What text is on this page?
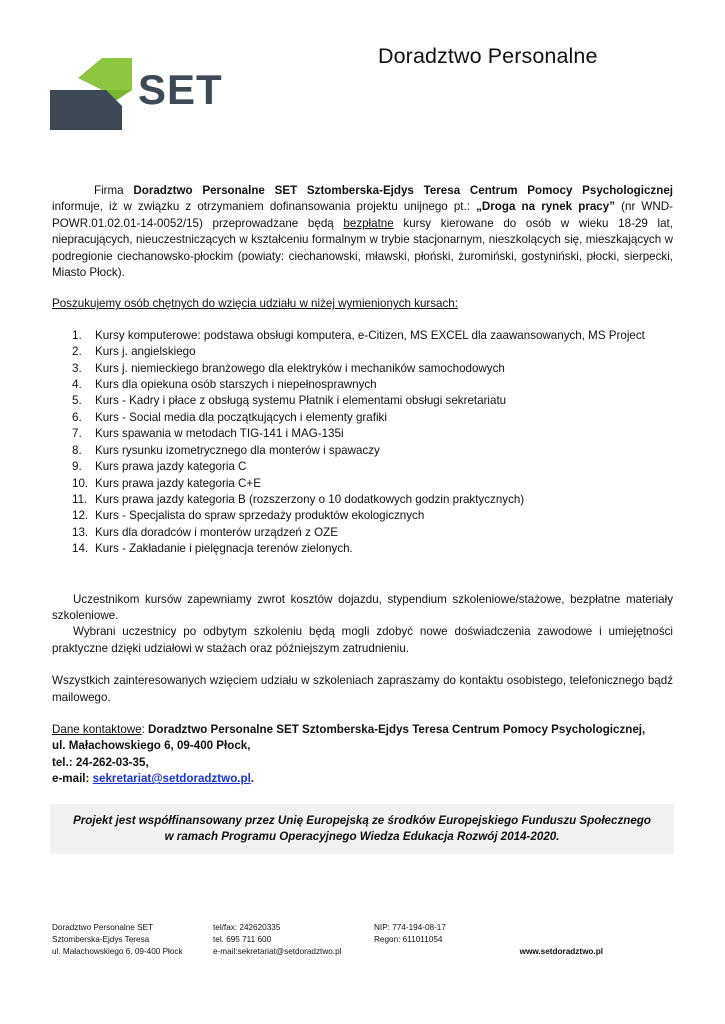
SET
Doradztwo Personalne

Firma Doradztwo Personalne SET Sztomberska-Ejdys Teresa Centrum Pomocy Psychologicznej informuje, iż w związku z otrzymaniem dofinansowania projektu unijnego pt.: „Droga na rynek pracy” (nr WND-POWR.01.02.01-14-0052/15) przeprowadzane będą bezpłatne kursy kierowane do osób w wieku 18-29 lat, niepracujących, nieuczestniczących w kształceniu formalnym w trybie stacjonarnym, nieszkolących się, mieszkających w podregionie ciechanowsko-płockim (powiaty: ciechanowski, mławski, płoński, żuromiński, gostyniński, płocki, sierpecki, Miasto Płock).

Poszukujemy osób chętnych do wzięcia udziału w niżej wymienionych kursach:

1. Kursy komputerowe: podstawa obsługi komputera, e-Citizen, MS EXCEL dla zaawansowanych, MS Project
2. Kurs j. angielskiego
3. Kurs j. niemieckiego branżowego dla elektryków i mechaników samochodowych
4. Kurs dla opiekuna osób starszych i niepełnosprawnych
5. Kurs - Kadry i płace z obsługą systemu Płatnik i elementami obsługi sekretariatu
6. Kurs - Social media dla początkujących i elementy grafiki
7. Kurs spawania w metodach TIG-141 i MAG-135i
8. Kurs rysunku izometrycznego dla monterów i spawaczy
9. Kurs prawa jazdy kategoria C
10. Kurs prawa jazdy kategoria C+E
11. Kurs prawa jazdy kategoria B (rozszerzony o 10 dodatkowych godzin praktycznych)
12. Kurs - Specjalista do spraw sprzedaży produktów ekologicznych
13. Kurs dla doradców i monterów urządzeń z OZE
14. Kurs - Zakładanie i pielęgnacja terenów zielonych.

Uczestnikom kursów zapewniamy zwrot kosztów dojazdu, stypendium szkoleniowe/stażowe, bezpłatne materiały szkoleniowe.

Wybrani uczestnicy po odbytym szkoleniu będą mogli zdobyć nowe doświadczenia zawodowe i umiejętności praktyczne dzięki udziałowi w stażach oraz późniejszym zatrudnieniu.

Wszystkich zainteresowanych wzięciem udziału w szkoleniach zapraszamy do kontaktu osobistego, telefonicznego bądź mailowego.

Dane kontaktowe: Doradztwo Personalne SET Sztomberska-Ejdys Teresa Centrum Pomocy Psychologicznej,
ul. Małachowskiego 6, 09-400 Płock,
tel.: 24-262-03-35,
e-mail: sekretariat@setdoradztwo.pl.
Projekt jest współfinansowany przez Unię Europejską ze środków Europejskiego Funduszu Społecznego
w ramach Programu Operacyjnego Wiedza Edukacja Rozwój 2014-2020.
Doradztwo Personalne SET
Sztomberska-Ejdys Teresa
ul. Małachowskiego 6, 09-400 Płock
tel/fax: 242620335
tel. 695 711 600
e-mail:sekretariat@setdoradztwo.pl
NIP: 774-194-08-17
Regon: 611011054
www.setdoradztwo.pl
